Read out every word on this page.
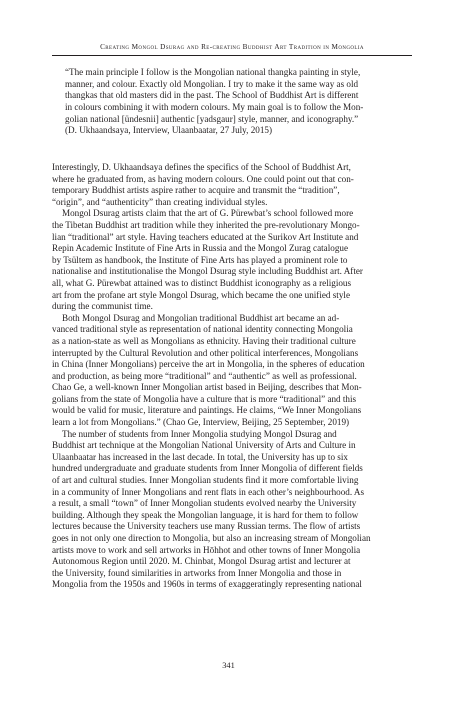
Creating Mongol Dsurag and Re-creating Buddhist Art Tradition in Mongolia
“The main principle I follow is the Mongolian national thangka painting in style,
manner, and colour. Exactly old Mongolian. I try to make it the same way as old
thangkas that old masters did in the past. The School of Buddhist Art is different
in colours combining it with modern colours. My main goal is to follow the Mon-
golian national [ündesnii] authentic [yadsgaur] style, manner, and iconography.”
(D. Ukhaandsaya, Interview, Ulaanbaatar, 27 July, 2015)
Interestingly, D. Ukhaandsaya defines the specifics of the School of Buddhist Art,
where he graduated from, as having modern colours. One could point out that con-
temporary Buddhist artists aspire rather to acquire and transmit the “tradition”,
“origin”, and “authenticity” than creating individual styles.
Mongol Dsurag artists claim that the art of G. Pürewbat’s school followed more
the Tibetan Buddhist art tradition while they inherited the pre-revolutionary Mongo-
lian “traditional” art style. Having teachers educated at the Surikov Art Institute and
Repin Academic Institute of Fine Arts in Russia and the Mongol Zurag catalogue
by Tsültem as handbook, the Institute of Fine Arts has played a prominent role to
nationalise and institutionalise the Mongol Dsurag style including Buddhist art. After
all, what G. Pürewbat attained was to distinct Buddhist iconography as a religious
art from the profane art style Mongol Dsurag, which became the one unified style
during the communist time.
Both Mongol Dsurag and Mongolian traditional Buddhist art became an ad-
vanced traditional style as representation of national identity connecting Mongolia
as a nation-state as well as Mongolians as ethnicity. Having their traditional culture
interrupted by the Cultural Revolution and other political interferences, Mongolians
in China (Inner Mongolians) perceive the art in Mongolia, in the spheres of education
and production, as being more “traditional” and “authentic” as well as professional.
Chao Ge, a well-known Inner Mongolian artist based in Beijing, describes that Mon-
golians from the state of Mongolia have a culture that is more “traditional” and this
would be valid for music, literature and paintings. He claims, “We Inner Mongolians
learn a lot from Mongolians.” (Chao Ge, Interview, Beijing, 25 September, 2019)
The number of students from Inner Mongolia studying Mongol Dsurag and
Buddhist art technique at the Mongolian National University of Arts and Culture in
Ulaanbaatar has increased in the last decade. In total, the University has up to six
hundred undergraduate and graduate students from Inner Mongolia of different fields
of art and cultural studies. Inner Mongolian students find it more comfortable living
in a community of Inner Mongolians and rent flats in each other’s neighbourhood. As
a result, a small “town” of Inner Mongolian students evolved nearby the University
building. Although they speak the Mongolian language, it is hard for them to follow
lectures because the University teachers use many Russian terms. The flow of artists
goes in not only one direction to Mongolia, but also an increasing stream of Mongolian
artists move to work and sell artworks in Hōhhot and other towns of Inner Mongolia
Autonomous Region until 2020. M. Chinbat, Mongol Dsurag artist and lecturer at
the University, found similarities in artworks from Inner Mongolia and those in
Mongolia from the 1950s and 1960s in terms of exaggeratingly representing national
341
